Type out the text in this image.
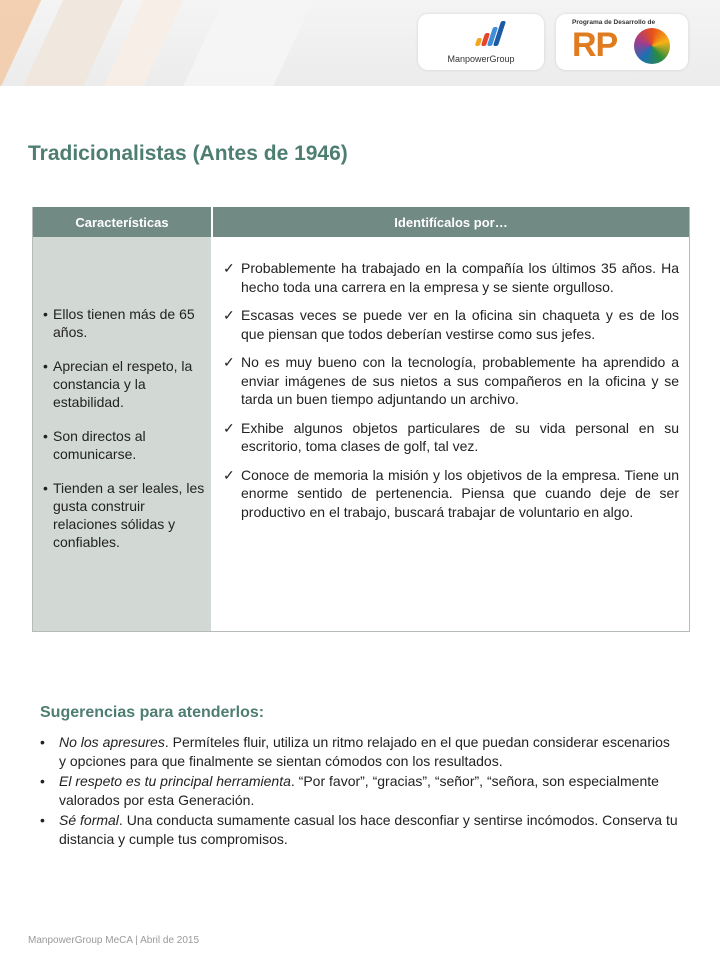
ManpowerGroup
Programa de Desarrollo de
RP
Tradicionalistas (Antes de 1946)
Características	Identifícalos por…
• Ellos tienen más de 65 años.
• Aprecian el respeto, la constancia y la estabilidad.
• Son directos al comunicarse.
• Tienden a ser leales, les gusta construir relaciones sólidas y confiables.
✓ Probablemente ha trabajado en la compañía los últimos 35 años. Ha hecho toda una carrera en la empresa y se siente orgulloso.
✓ Escasas veces se puede ver en la oficina sin chaqueta y es de los que piensan que todos deberían vestirse como sus jefes.
✓ No es muy bueno con la tecnología, probablemente ha aprendido a enviar imágenes de sus nietos a sus compañeros en la oficina y se tarda un buen tiempo adjuntando un archivo.
✓ Exhibe algunos objetos particulares de su vida personal en su escritorio, toma clases de golf, tal vez.
✓ Conoce de memoria la misión y los objetivos de la empresa. Tiene un enorme sentido de pertenencia. Piensa que cuando deje de ser productivo en el trabajo, buscará trabajar de voluntario en algo.
Sugerencias para atenderlos:
• No los apresures. Permíteles fluir, utiliza un ritmo relajado en el que puedan considerar escenarios y opciones para que finalmente se sientan cómodos con los resultados.
• El respeto es tu principal herramienta. “Por favor”, “gracias”, “señor”, “señora, son especialmente valorados por esta Generación.
• Sé formal. Una conducta sumamente casual los hace desconfiar y sentirse incómodos. Conserva tu distancia y cumple tus compromisos.
ManpowerGroup MeCA | Abril de 2015
